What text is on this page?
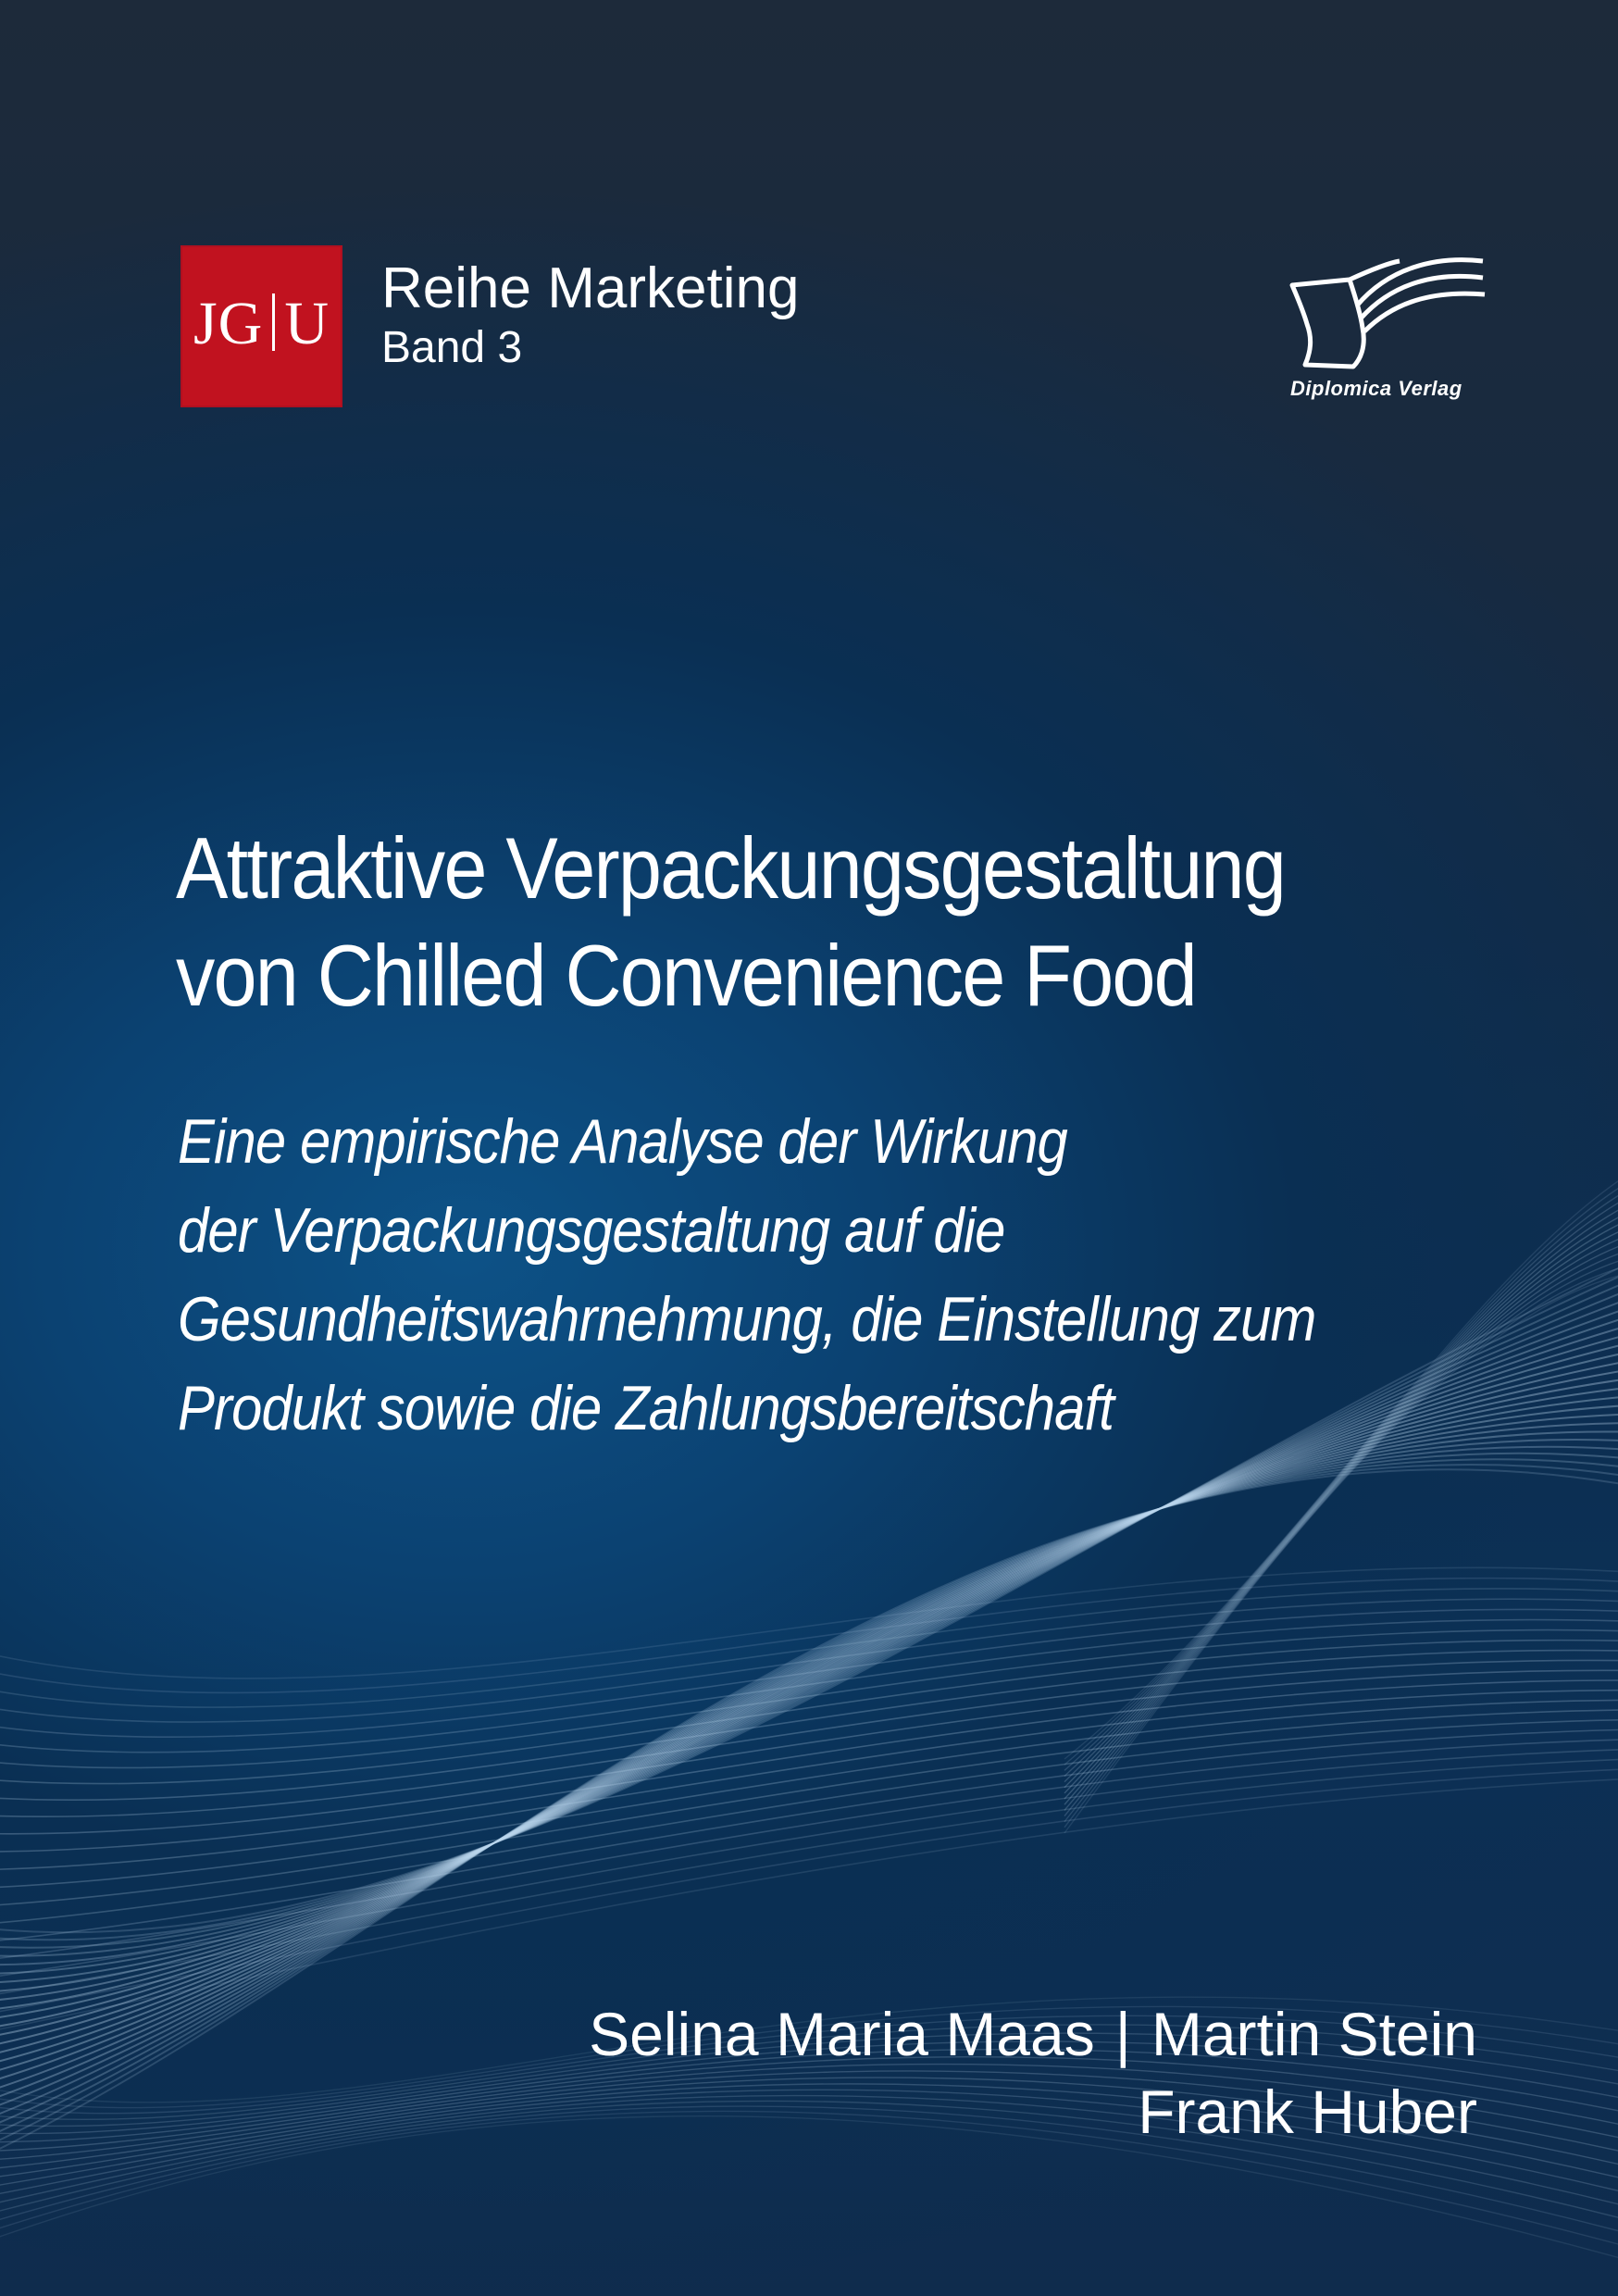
JG U
Reihe Marketing
Band 3
Diplomica Verlag
Attraktive Verpackungsgestaltung
von Chilled Convenience Food
Eine empirische Analyse der Wirkung
der Verpackungsgestaltung auf die
Gesundheitswahrnehmung, die Einstellung zum
Produkt sowie die Zahlungsbereitschaft
Selina Maria Maas | Martin Stein
Frank Huber
